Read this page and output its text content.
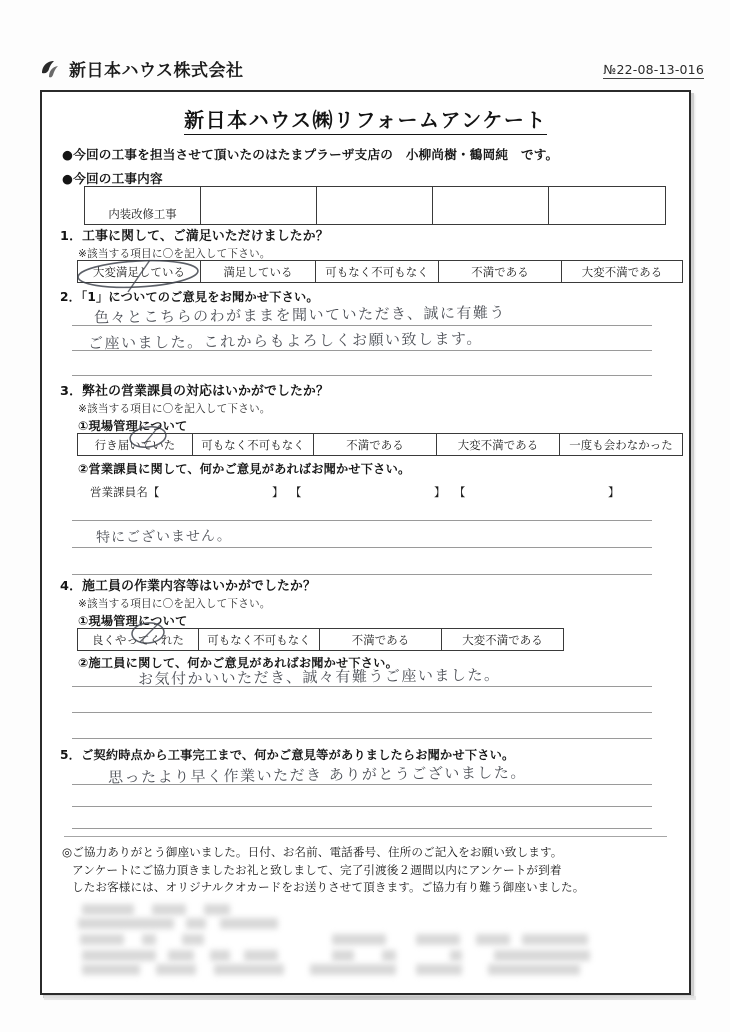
新日本ハウス株式会社	№22-08-13-016
新日本ハウス㈱リフォームアンケート
●今回の工事を担当させて頂いたのはたまプラーザ支店の　小柳尚樹・鶴岡純　です。
●今回の工事内容
内装改修工事				
1．工事に関して、ご満足いただけましたか？
※該当する項目に〇を記入して下さい。
大変満足している	満足している	可もなく不可もなく	不満である	大変不満である
2．「1」についてのご意見をお聞かせ下さい。
色々とこちらのわがままを聞いていただき、誠に有難う
ご座いました。これからもよろしくお願い致します。
3．弊社の営業課員の対応はいかがでしたか？
※該当する項目に〇を記入して下さい。
①現場管理について
行き届いていた	可もなく不可もなく	不満である	大変不満である	一度も会わなかった
②営業課員に関して、何かご意見があればお聞かせ下さい。
営業課員名【	】 【	】 【	】
特にございません。
4．施工員の作業内容等はいかがでしたか？
※該当する項目に〇を記入して下さい。
①現場管理について
良くやってくれた	可もなく不可もなく	不満である	大変不満である
②施工員に関して、何かご意見があればお聞かせ下さい。
お気付かいいただき、誠々有難うご座いました。
5．ご契約時点から工事完工まで、何かご意見等がありましたらお聞かせ下さい。
思ったより早く作業いただき ありがとうございました。
◎ご協力ありがとう御座いました。日付、お名前、電話番号、住所のご記入をお願い致します。
アンケートにご協力頂きましたお礼と致しまして、完了引渡後２週間以内にアンケートが到着
したお客様には、オリジナルクオカードをお送りさせて頂きます。ご協力有り難う御座いました。
